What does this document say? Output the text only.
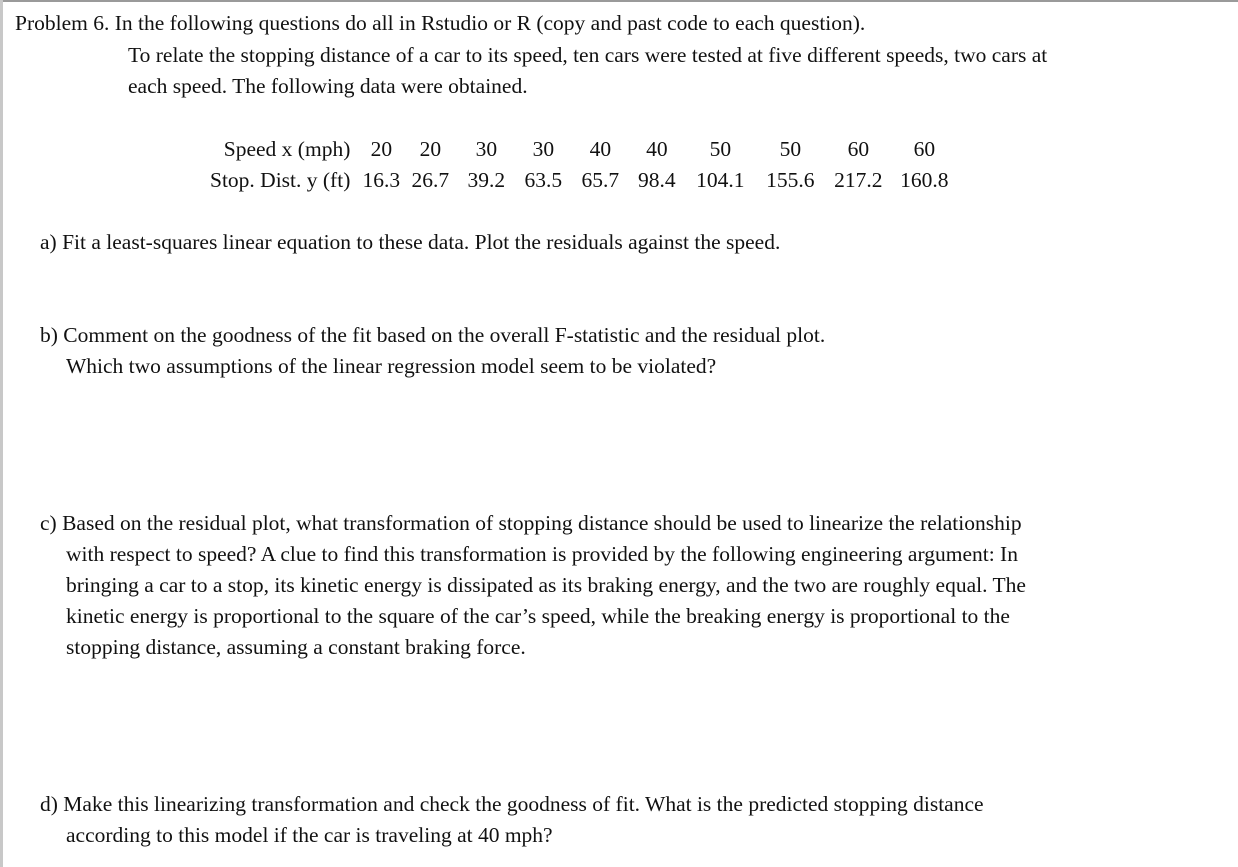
Problem 6. In the following questions do all in Rstudio or R (copy and past code to each question).
To relate the stopping distance of a car to its speed, ten cars were tested at five different speeds, two cars at
each speed. The following data were obtained.
Speed x (mph)	20	20	30	30	40	40	50	50	60	60
Stop. Dist. y (ft)	16.3	26.7	39.2	63.5	65.7	98.4	104.1	155.6	217.2	160.8
a) Fit a least-squares linear equation to these data. Plot the residuals against the speed.
b) Comment on the goodness of the fit based on the overall F-statistic and the residual plot.
Which two assumptions of the linear regression model seem to be violated?
c) Based on the residual plot, what transformation of stopping distance should be used to linearize the relationship
with respect to speed? A clue to find this transformation is provided by the following engineering argument: In
bringing a car to a stop, its kinetic energy is dissipated as its braking energy, and the two are roughly equal. The
kinetic energy is proportional to the square of the car’s speed, while the breaking energy is proportional to the
stopping distance, assuming a constant braking force.
d) Make this linearizing transformation and check the goodness of fit. What is the predicted stopping distance
according to this model if the car is traveling at 40 mph?
